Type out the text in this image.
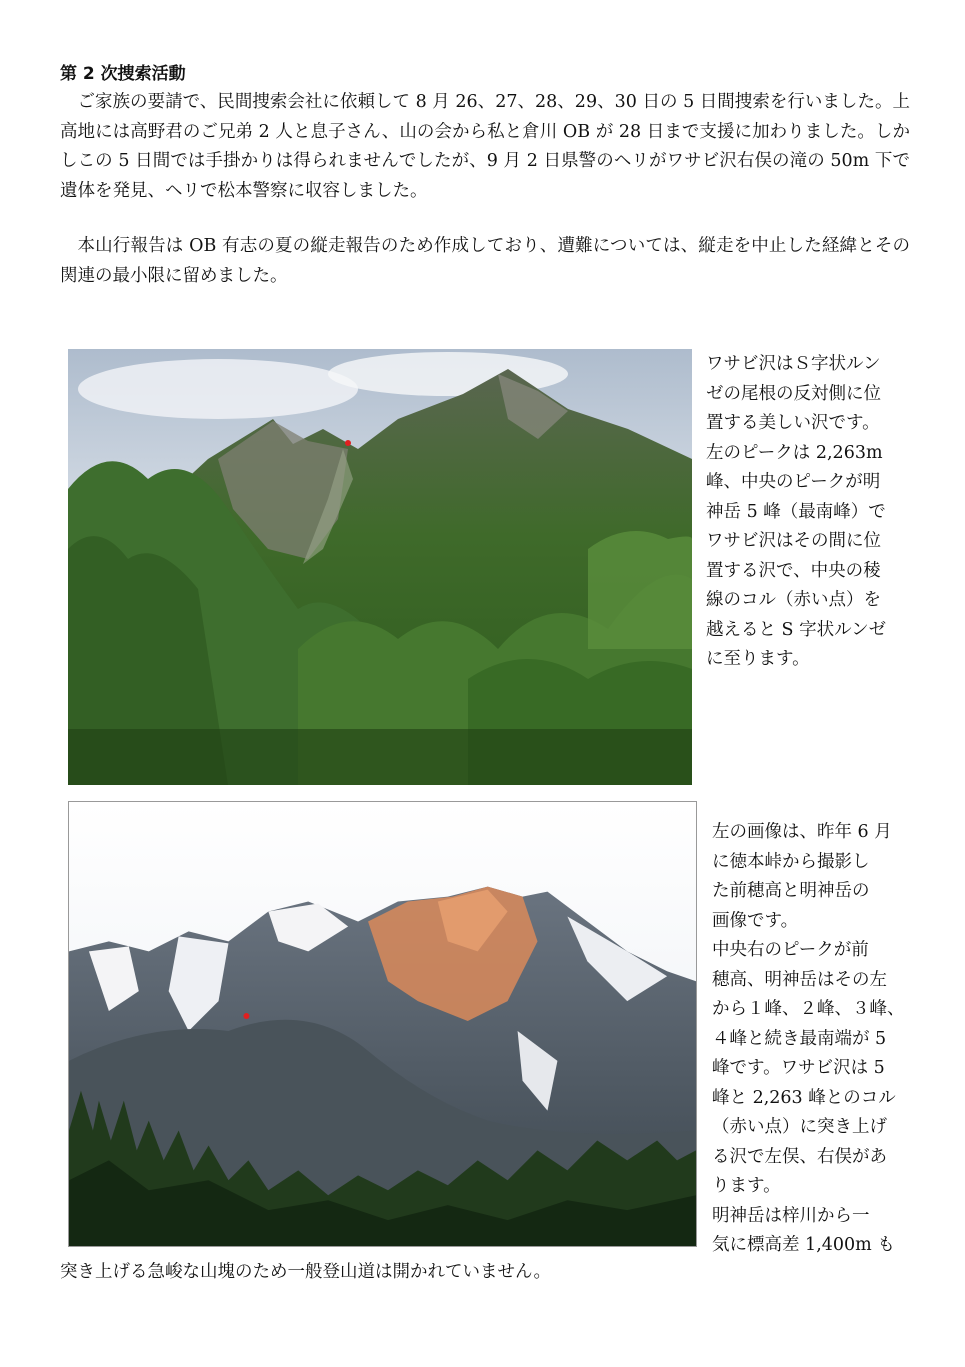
第 2 次捜索活動

ご家族の要請で、民間捜索会社に依頼して 8 月 26、27、28、29、30 日の 5 日間捜索を行いました。上高地には高野君のご兄弟 2 人と息子さん、山の会から私と倉川 OB が 28 日まで支援に加わりました。しかしこの 5 日間では手掛かりは得られませんでしたが、9 月 2 日県警のヘリがワサビ沢右俣の滝の 50m 下で遺体を発見、ヘリで松本警察に収容しました。

本山行報告は OB 有志の夏の縦走報告のため作成しており、遭難については、縦走を中止した経緯とその関連の最小限に留めました。

ワサビ沢はＳ字状ルン
ゼの尾根の反対側に位
置する美しい沢です。
左のピークは 2,263m
峰、中央のピークが明
神岳 5 峰（最南峰）で
ワサビ沢はその間に位
置する沢で、中央の稜
線のコル（赤い点）を
越えると S 字状ルンゼ
に至ります。
左の画像は、昨年 6 月
に徳本峠から撮影し
た前穂高と明神岳の
画像です。
中央右のピークが前
穂高、明神岳はその左
から１峰、２峰、３峰、
４峰と続き最南端が 5
峰です。ワサビ沢は 5
峰と 2,263 峰とのコル
（赤い点）に突き上げ
る沢で左俣、右俣があ
ります。
明神岳は梓川から一
気に標高差 1,400m も
突き上げる急峻な山塊のため一般登山道は開かれていません。
